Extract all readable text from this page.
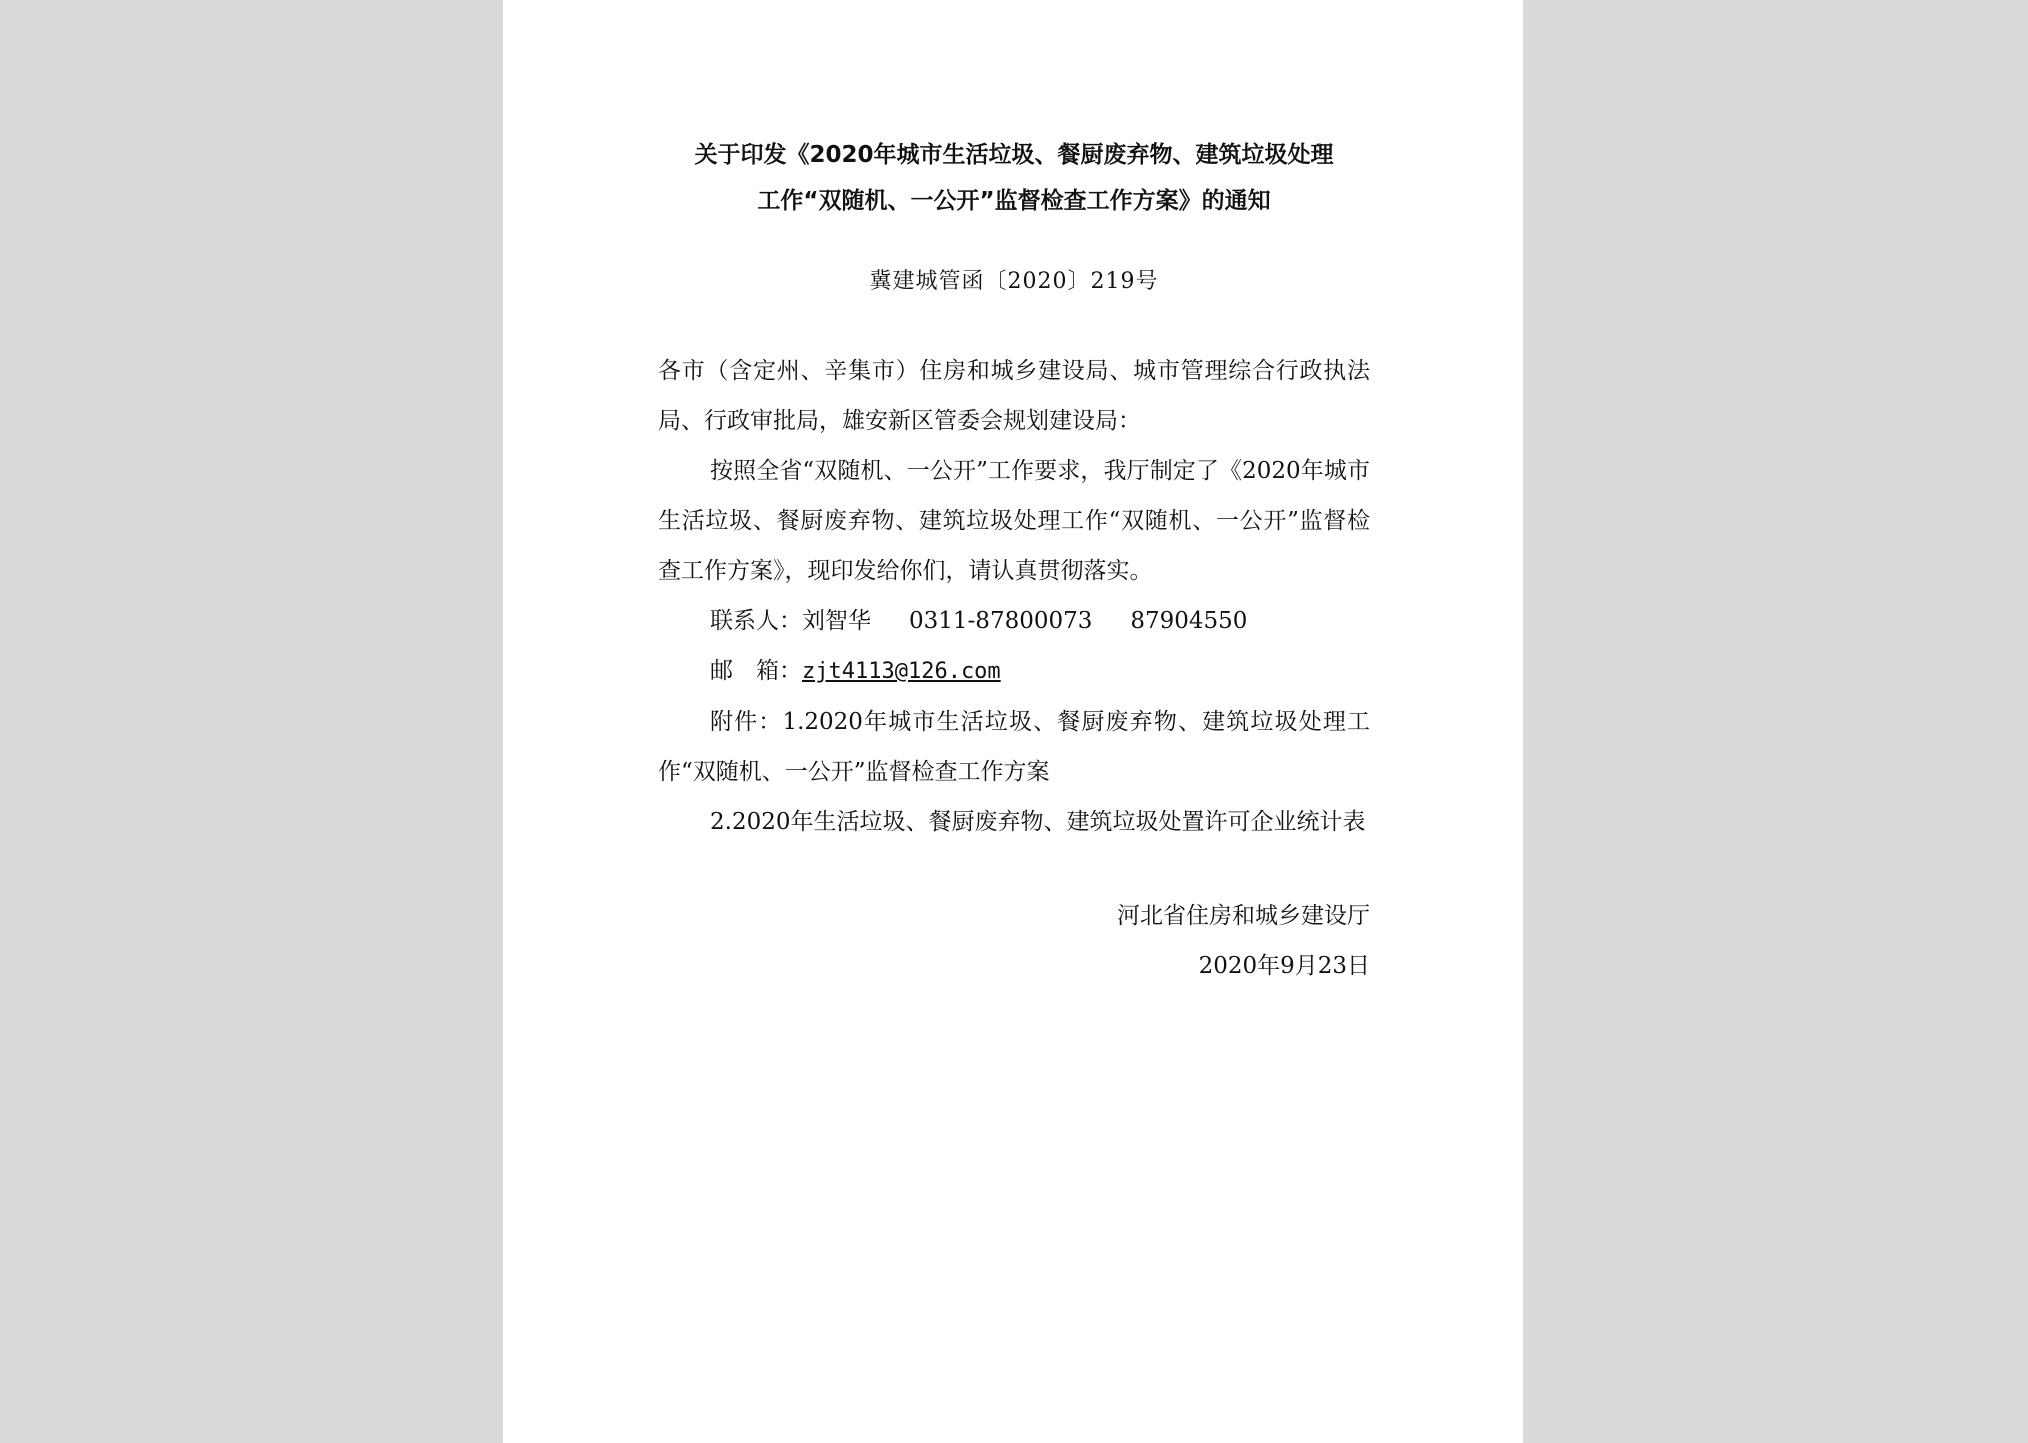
关于印发《2020年城市生活垃圾、餐厨废弃物、建筑垃圾处理

工作“双随机、一公开”监督检查工作方案》的通知

冀建城管函〔2020〕219号

各市（含定州、辛集市）住房和城乡建设局、城市管理综合行政执法局、行政审批局，雄安新区管委会规划建设局：

按照全省“双随机、一公开”工作要求，我厅制定了《2020年城市生活垃圾、餐厨废弃物、建筑垃圾处理工作“双随机、一公开”监督检查工作方案》，现印发给你们，请认真贯彻落实。

联系人：刘智华 0311-87800073 87904550
邮　箱：zjt4113@126.com

附件：1.2020年城市生活垃圾、餐厨废弃物、建筑垃圾处理工作“双随机、一公开”监督检查工作方案

2.2020年生活垃圾、餐厨废弃物、建筑垃圾处置许可企业统计表

河北省住房和城乡建设厅
2020年9月23日
